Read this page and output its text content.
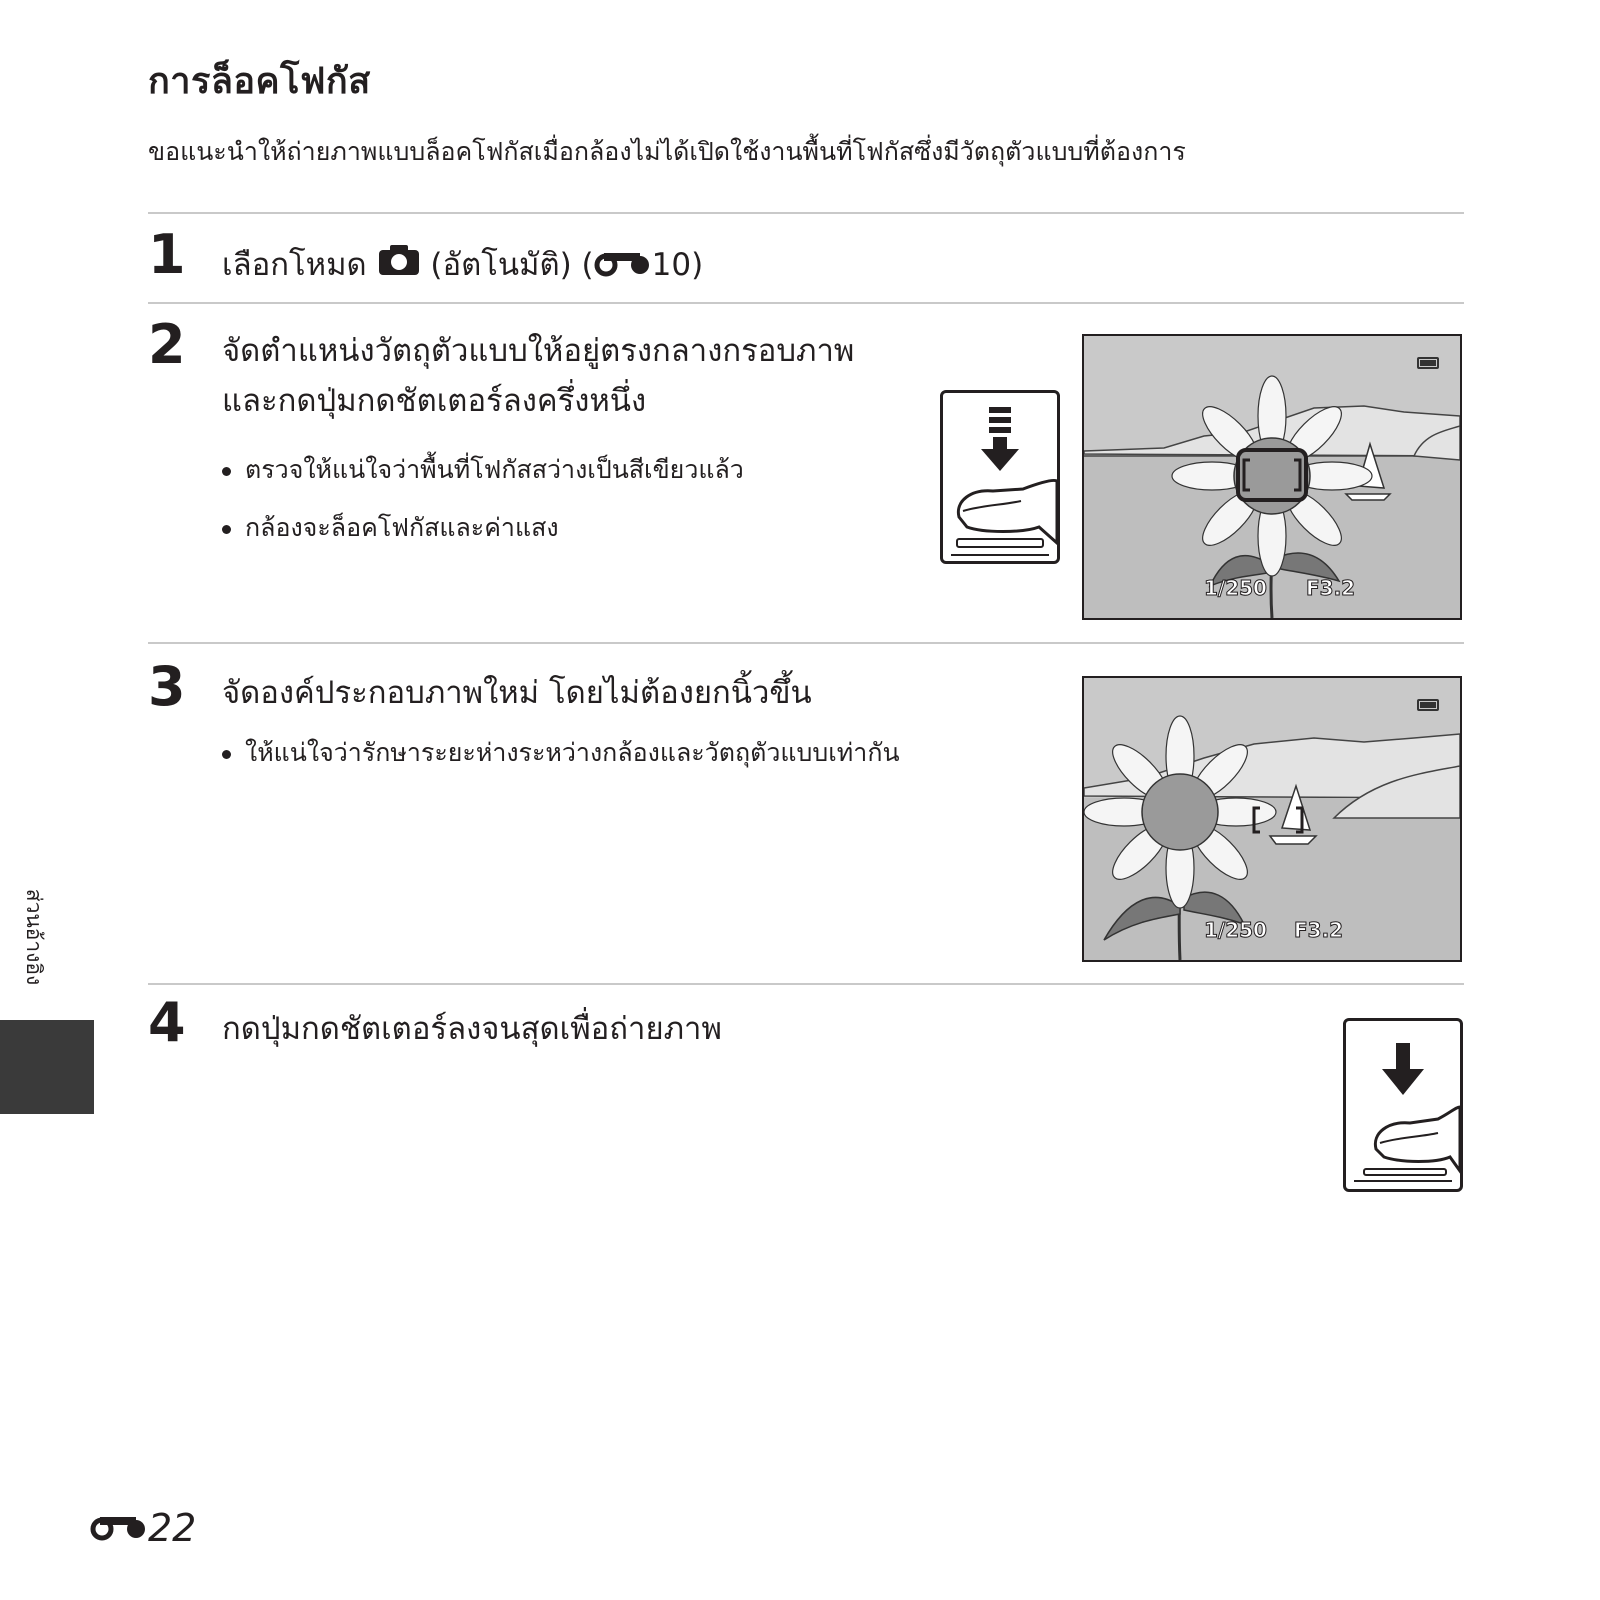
การล็อคโฟกัส
ขอแนะนำให้ถ่ายภาพแบบล็อคโฟกัสเมื่อกล้องไม่ได้เปิดใช้งานพื้นที่โฟกัสซึ่งมีวัตถุตัวแบบที่ต้องการ
1 เลือกโหมด (อัตโนมัติ) ( 10)
2 จัดตำแหน่งวัตถุตัวแบบให้อยู่ตรงกลางกรอบภาพ
และกดปุ่มกดชัตเตอร์ลงครึ่งหนึ่ง
ตรวจให้แน่ใจว่าพื้นที่โฟกัสสว่างเป็นสีเขียวแล้ว
กล้องจะล็อคโฟกัสและค่าแสง
1/250 F3.2
3 จัดองค์ประกอบภาพใหม่ โดยไม่ต้องยกนิ้วขึ้น
ให้แน่ใจว่ารักษาระยะห่างระหว่างกล้องและวัตถุตัวแบบเท่ากัน
1/250 F3.2
4 กดปุ่มกดชัตเตอร์ลงจนสุดเพื่อถ่ายภาพ
ส่วนอ้างอิง
22
